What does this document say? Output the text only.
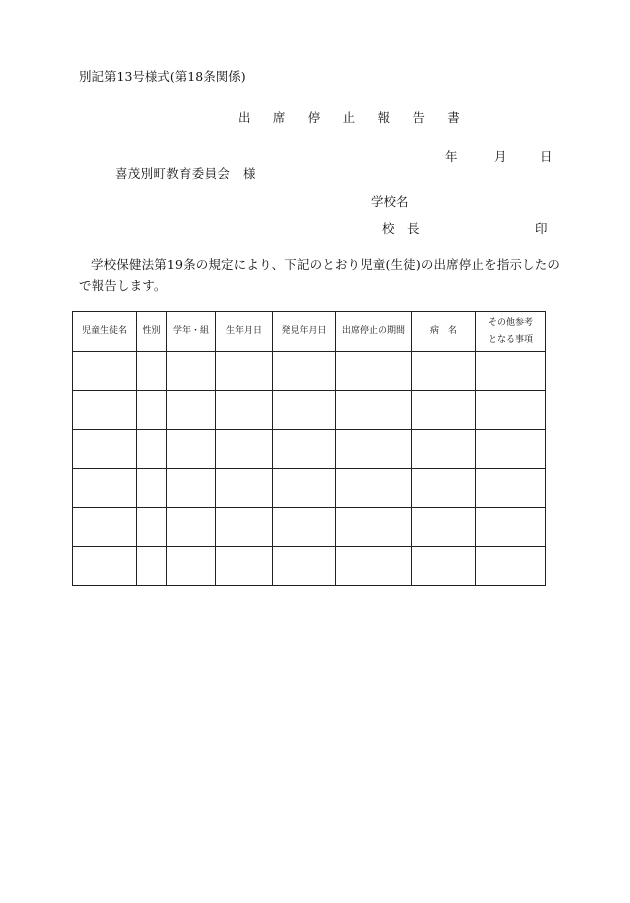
別記第13号様式(第18条関係)
出 席 停 止 報 告 書
年	月	日
喜茂別町教育委員会　様
学校名
校　長	印
学校保健法第19条の規定により、下記のとおり児童(生徒)の出席停止を指示したので報告します。
児童生徒名	性別	学年・組	生年月日	発見年月日	出席停止の期間	病　名	その他参考
となる事項
